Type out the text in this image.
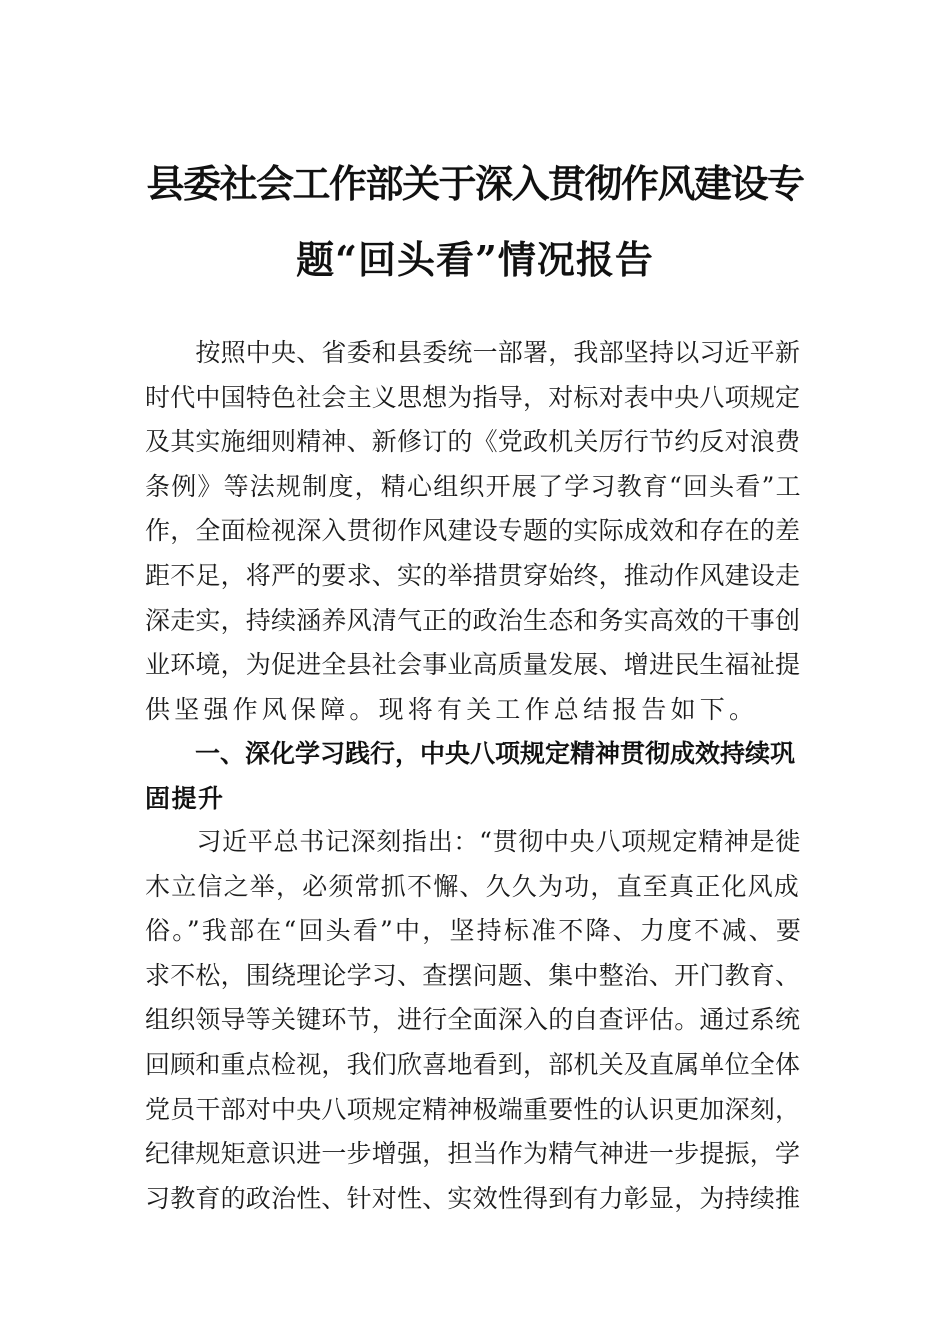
县委社会工作部关于深入贯彻作风建设专
题“回头看”情况报告
　　按照中央、省委和县委统一部署，我部坚持以习近平新
时代中国特色社会主义思想为指导，对标对表中央八项规定
及其实施细则精神、新修订的《党政机关厉行节约反对浪费
条例》等法规制度，精心组织开展了学习教育“回头看”工
作，全面检视深入贯彻作风建设专题的实际成效和存在的差
距不足，将严的要求、实的举措贯穿始终，推动作风建设走
深走实，持续涵养风清气正的政治生态和务实高效的干事创
业环境，为促进全县社会事业高质量发展、增进民生福祉提
供坚强作风保障。现将有关工作总结报告如下。
　　一、深化学习践行，中央八项规定精神贯彻成效持续巩
固提升
　　习近平总书记深刻指出：“贯彻中央八项规定精神是徙
木立信之举，必须常抓不懈、久久为功，直至真正化风成
俗。”我部在“回头看”中，坚持标准不降、力度不减、要
求不松，围绕理论学习、查摆问题、集中整治、开门教育、
组织领导等关键环节，进行全面深入的自查评估。通过系统
回顾和重点检视，我们欣喜地看到，部机关及直属单位全体
党员干部对中央八项规定精神极端重要性的认识更加深刻，
纪律规矩意识进一步增强，担当作为精气神进一步提振，学
习教育的政治性、针对性、实效性得到有力彰显，为持续推
